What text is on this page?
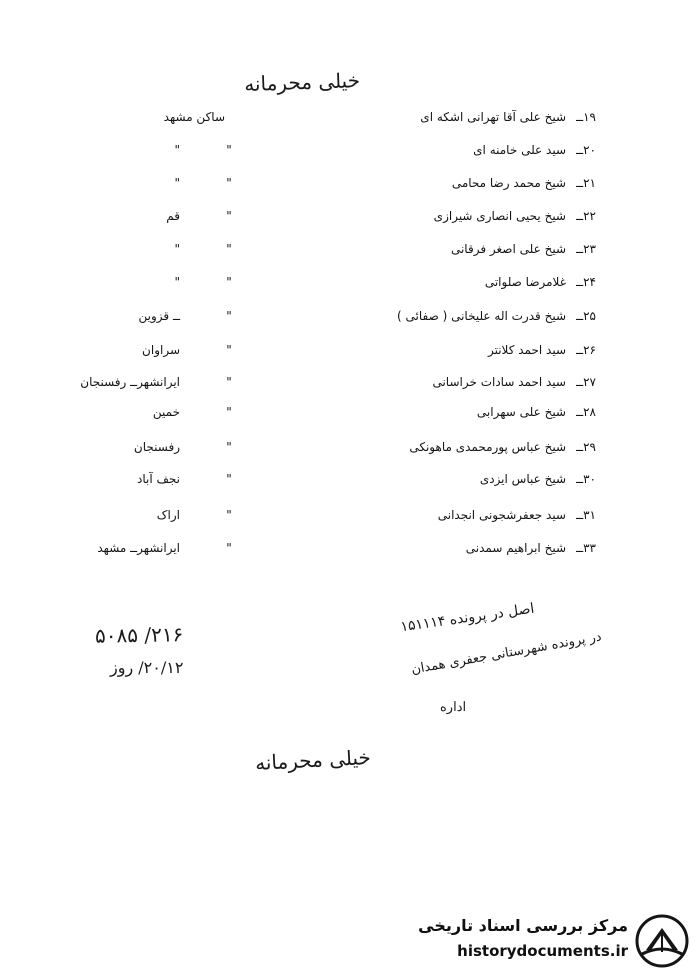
خیلی محرمانه
۱۹ــ
شیخ علی آقا تهرانی اشکه ای
ساکن مشهد
۲۰ــ
سید علی خامنه ای
"
"
۲۱ــ
شیخ محمد رضا محامی
"
"
۲۲ــ
شیخ یحیی انصاری شیرازی
"
قم
۲۳ــ
شیخ علی اصغر فرقانی
"
"
۲۴ــ
غلامرضا صلواتی
"
"
۲۵ــ
شیخ قدرت اله علیخانی ( صفائی )
"
ــ قزوین
۲۶ــ
سید احمد کلانتر
"
سراوان
۲۷ــ
سید احمد سادات خراسانی
"
ایرانشهرــ رفسنجان
۲۸ــ
شیخ علی سهرابی
"
خمین
۲۹ــ
شیخ عباس پورمحمدی ماهونکی
"
رفسنجان
۳۰ــ
شیخ عباس ایزدی
"
نجف آباد
۳۱ــ
سید جعفرشجونی انجدانی
"
اراک
۳۳ــ
شیخ ابراهیم سمدنی
"
ایرانشهرــ مشهد
۲۱۶/ ۵۰۸۵
۲۰/۱۲/ روز
اصل در پرونده ۱۵۱۱۱۴
در پرونده شهرستانی جعفری همدان
اداره
خیلی محرمانه
مرکز بررسی اسناد تاریخی
historydocuments.ir
